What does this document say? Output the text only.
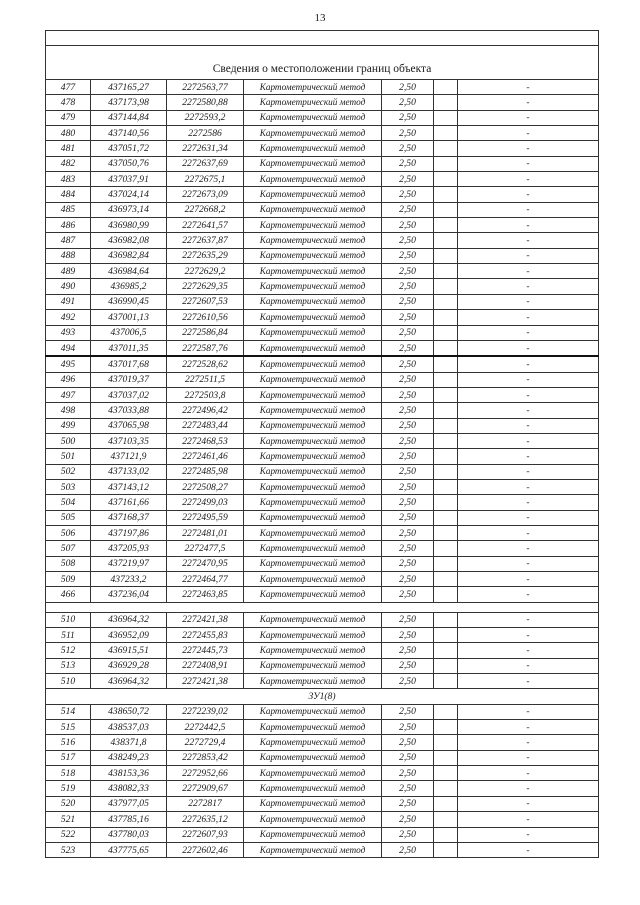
13

Сведения о местоположении границ объекта						
477	437165,27	2272563,77	Картометрический метод	2,50		-
478	437173,98	2272580,88	Картометрический метод	2,50		-
479	437144,84	2272593,2	Картометрический метод	2,50		-
480	437140,56	2272586	Картометрический метод	2,50		-
481	437051,72	2272631,34	Картометрический метод	2,50		-
482	437050,76	2272637,69	Картометрический метод	2,50		-
483	437037,91	2272675,1	Картометрический метод	2,50		-
484	437024,14	2272673,09	Картометрический метод	2,50		-
485	436973,14	2272668,2	Картометрический метод	2,50		-
486	436980,99	2272641,57	Картометрический метод	2,50		-
487	436982,08	2272637,87	Картометрический метод	2,50		-
488	436982,84	2272635,29	Картометрический метод	2,50		-
489	436984,64	2272629,2	Картометрический метод	2,50		-
490	436985,2	2272629,35	Картометрический метод	2,50		-
491	436990,45	2272607,53	Картометрический метод	2,50		-
492	437001,13	2272610,56	Картометрический метод	2,50		-
493	437006,5	2272586,84	Картометрический метод	2,50		-
494	437011,35	2272587,76	Картометрический метод	2,50		-
495	437017,68	2272528,62	Картометрический метод	2,50		-
496	437019,37	2272511,5	Картометрический метод	2,50		-
497	437037,02	2272503,8	Картометрический метод	2,50		-
498	437033,88	2272496,42	Картометрический метод	2,50		-
499	437065,98	2272483,44	Картометрический метод	2,50		-
500	437103,35	2272468,53	Картометрический метод	2,50		-
501	437121,9	2272461,46	Картометрический метод	2,50		-
502	437133,02	2272485,98	Картометрический метод	2,50		-
503	437143,12	2272508,27	Картометрический метод	2,50		-
504	437161,66	2272499,03	Картометрический метод	2,50		-
505	437168,37	2272495,59	Картометрический метод	2,50		-
506	437197,86	2272481,01	Картометрический метод	2,50		-
507	437205,93	2272477,5	Картометрический метод	2,50		-
508	437219,97	2272470,95	Картометрический метод	2,50		-
509	437233,2	2272464,77	Картометрический метод	2,50		-
466	437236,04	2272463,85	Картометрический метод	2,50		-

510	436964,32	2272421,38	Картометрический метод	2,50		-
511	436952,09	2272455,83	Картометрический метод	2,50		-
512	436915,51	2272445,73	Картометрический метод	2,50		-
513	436929,28	2272408,91	Картометрический метод	2,50		-
510	436964,32	2272421,38	Картометрический метод	2,50		-
ЗУ1(8)						
514	438650,72	2272239,02	Картометрический метод	2,50		-
515	438537,03	2272442,5	Картометрический метод	2,50		-
516	438371,8	2272729,4	Картометрический метод	2,50		-
517	438249,23	2272853,42	Картометрический метод	2,50		-
518	438153,36	2272952,66	Картометрический метод	2,50		-
519	438082,33	2272909,67	Картометрический метод	2,50		-
520	437977,05	2272817	Картометрический метод	2,50		-
521	437785,16	2272635,12	Картометрический метод	2,50		-
522	437780,03	2272607,93	Картометрический метод	2,50		-
523	437775,65	2272602,46	Картометрический метод	2,50		-
